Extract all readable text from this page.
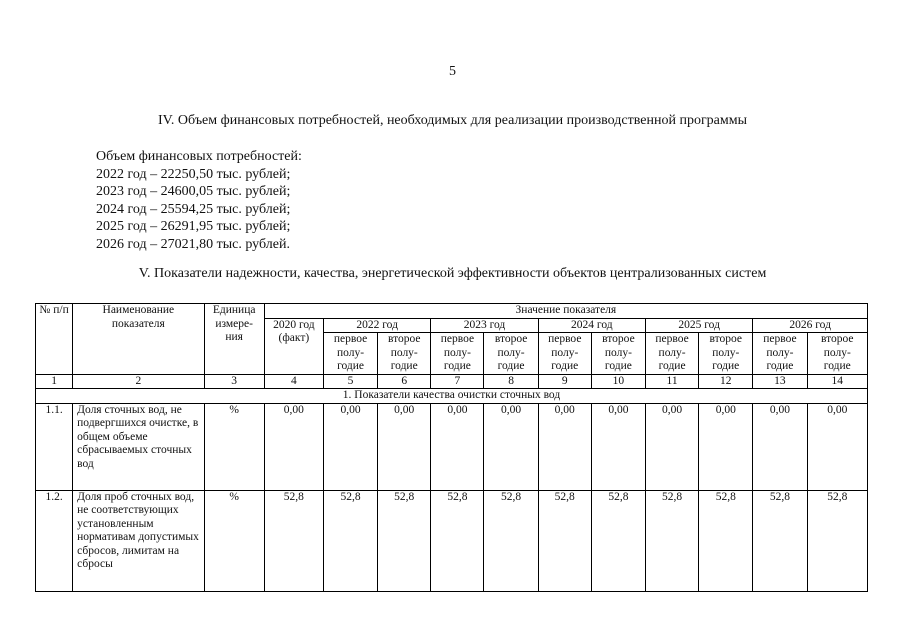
5
IV. Объем финансовых потребностей, необходимых для реализации производственной программы
Объем финансовых потребностей:
2022 год – 22250,50 тыс. рублей;
2023 год – 24600,05 тыс. рублей;
2024 год – 25594,25 тыс. рублей;
2025 год – 26291,95 тыс. рублей;
2026 год – 27021,80 тыс. рублей.
V. Показатели надежности, качества, энергетической эффективности объектов централизованных систем
№ п/п	Наименование показателя	Единица измере- ния	Значение показателя										
			2020 год (факт)	2022 год		2023 год		2024 год		2025 год		2026 год	
				первое полу- годие	второе полу- годие	первое полу- годие	второе полу- годие	первое полу- годие	второе полу- годие	первое полу- годие	второе полу- годие	первое полу- годие	второе полу- годие
1	2	3	4	5	6	7	8	9	10	11	12	13	14
1. Показатели качества очистки сточных вод													
1.1.	Доля сточных вод, не подвергшихся очистке, в общем объеме сбрасываемых сточных вод	%	0,00	0,00	0,00	0,00	0,00	0,00	0,00	0,00	0,00	0,00	0,00
1.2.	Доля проб сточных вод, не соответствующих установленным нормативам допустимых сбросов, лимитам на сбросы	%	52,8	52,8	52,8	52,8	52,8	52,8	52,8	52,8	52,8	52,8	52,8
